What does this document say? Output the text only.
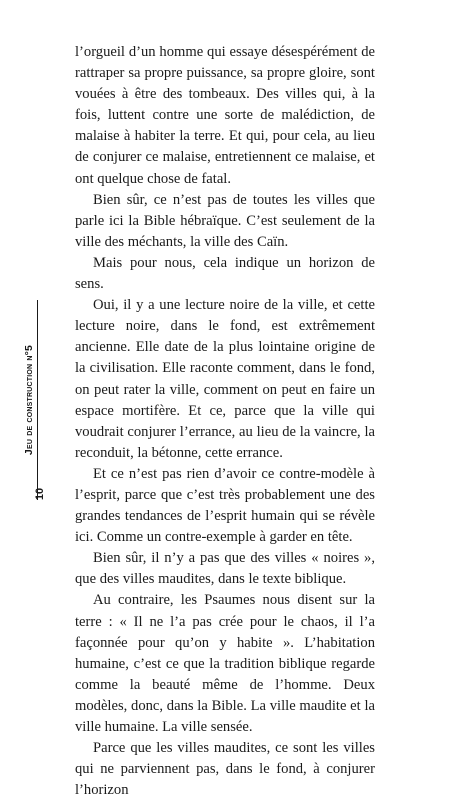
Jeu de construction n°5
10

l’orgueil d’un homme qui essaye désespérément de rattraper sa propre puissance, sa propre gloire, sont vouées à être des tombeaux. Des villes qui, à la fois, luttent contre une sorte de malédiction, de malaise à habiter la terre. Et qui, pour cela, au lieu de conjurer ce malaise, entretiennent ce malaise, et ont quelque chose de fatal.

Bien sûr, ce n’est pas de toutes les villes que parle ici la Bible hébraïque. C’est seulement de la ville des méchants, la ville des Caïn.

Mais pour nous, cela indique un horizon de sens.

Oui, il y a une lecture noire de la ville, et cette lecture noire, dans le fond, est extrêmement ancienne. Elle date de la plus lointaine origine de la civilisation. Elle raconte comment, dans le fond, on peut rater la ville, comment on peut en faire un espace mortifère. Et ce, parce que la ville qui voudrait conjurer l’errance, au lieu de la vaincre, la reconduit, la bétonne, cette errance.

Et ce n’est pas rien d’avoir ce contre-modèle à l’esprit, parce que c’est très probablement une des grandes tendances de l’esprit humain qui se révèle ici. Comme un contre-exemple à garder en tête.

Bien sûr, il n’y a pas que des villes « noires », que des villes maudites, dans le texte biblique.

Au contraire, les Psaumes nous disent sur la terre : « Il ne l’a pas crée pour le chaos, il l’a façonnée pour qu’on y habite ». L’habitation humaine, c’est ce que la tradition biblique regarde comme la beauté même de l’homme. Deux modèles, donc, dans la Bible. La ville maudite et la ville humaine. La ville sensée.

Parce que les villes maudites, ce sont les villes qui ne parviennent pas, dans le fond, à conjurer l’horizon
